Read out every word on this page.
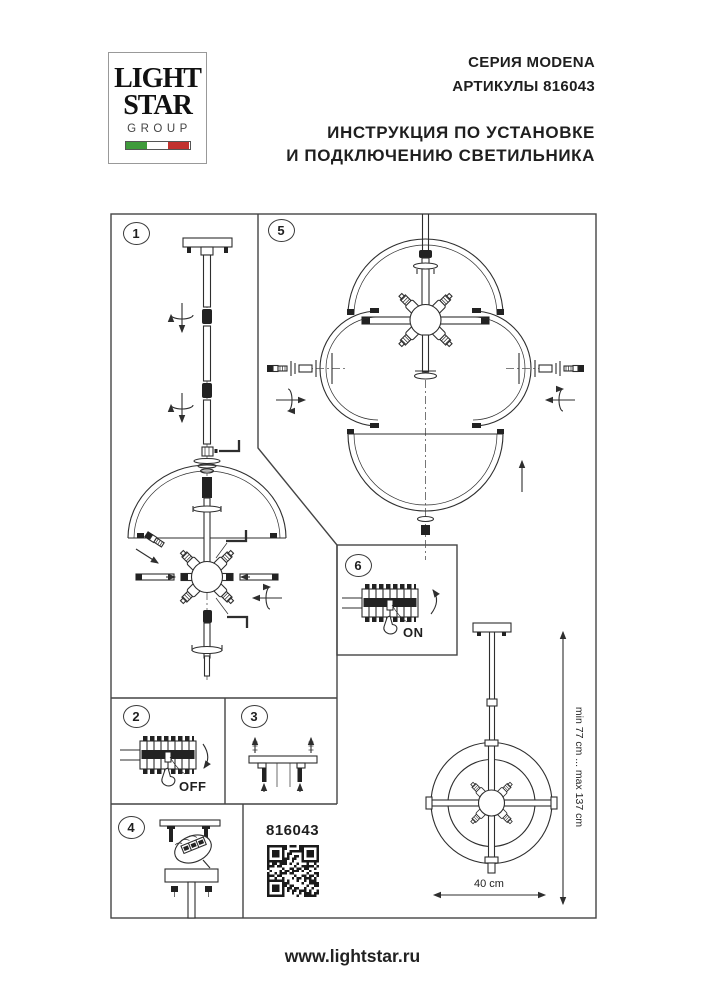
LIGHT
STAR
GROUP
СЕРИЯ MODENA
АРТИКУЛЫ 816043
ИНСТРУКЦИЯ ПО УСТАНОВКЕ
И ПОДКЛЮЧЕНИЮ СВЕТИЛЬНИКА
1	5
6
2	3
4
OFF
ON
816043
min 77 cm ... max 137 cm
40 cm
www.lightstar.ru
